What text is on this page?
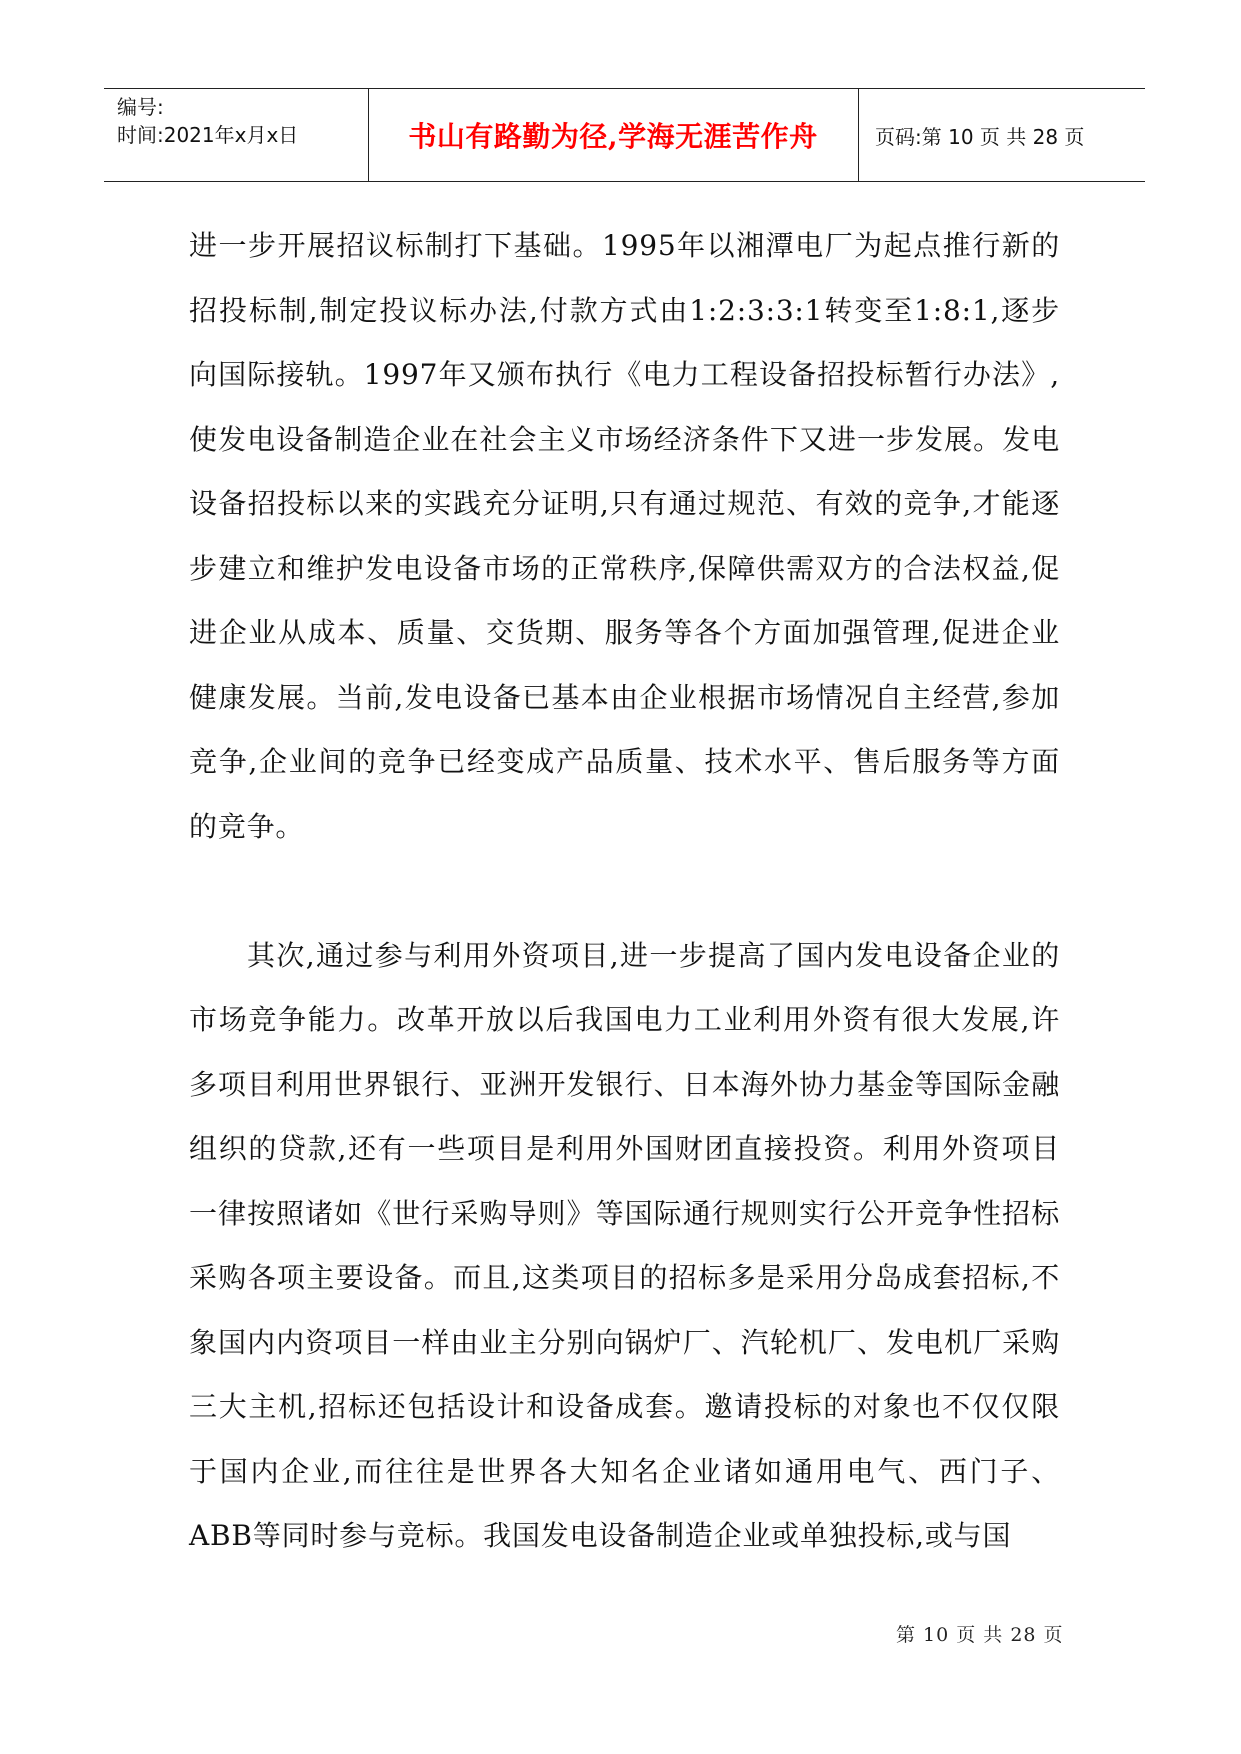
编号:
时间:2021年x月x日	书山有路勤为径,学海无涯苦作舟	页码:第 10 页 共 28 页

进一步开展招议标制打下基础。1995年以湘潭电厂为起点推行新的招投标制,制定投议标办法,付款方式由1:2:3:3:1转变至1:8:1,逐步向国际接轨。1997年又颁布执行《电力工程设备招投标暂行办法》,使发电设备制造企业在社会主义市场经济条件下又进一步发展。发电设备招投标以来的实践充分证明,只有通过规范、有效的竞争,才能逐步建立和维护发电设备市场的正常秩序,保障供需双方的合法权益,促进企业从成本、质量、交货期、服务等各个方面加强管理,促进企业健康发展。当前,发电设备已基本由企业根据市场情况自主经营,参加竞争,企业间的竞争已经变成产品质量、技术水平、售后服务等方面的竞争。

其次,通过参与利用外资项目,进一步提高了国内发电设备企业的市场竞争能力。改革开放以后我国电力工业利用外资有很大发展,许多项目利用世界银行、亚洲开发银行、日本海外协力基金等国际金融组织的贷款,还有一些项目是利用外国财团直接投资。利用外资项目一律按照诸如《世行采购导则》等国际通行规则实行公开竞争性招标采购各项主要设备。而且,这类项目的招标多是采用分岛成套招标,不象国内内资项目一样由业主分别向锅炉厂、汽轮机厂、发电机厂采购三大主机,招标还包括设计和设备成套。邀请投标的对象也不仅仅限于国内企业,而往往是世界各大知名企业诸如通用电气、西门子、ABB等同时参与竞标。我国发电设备制造企业或单独投标,或与国

第 10 页 共 28 页
